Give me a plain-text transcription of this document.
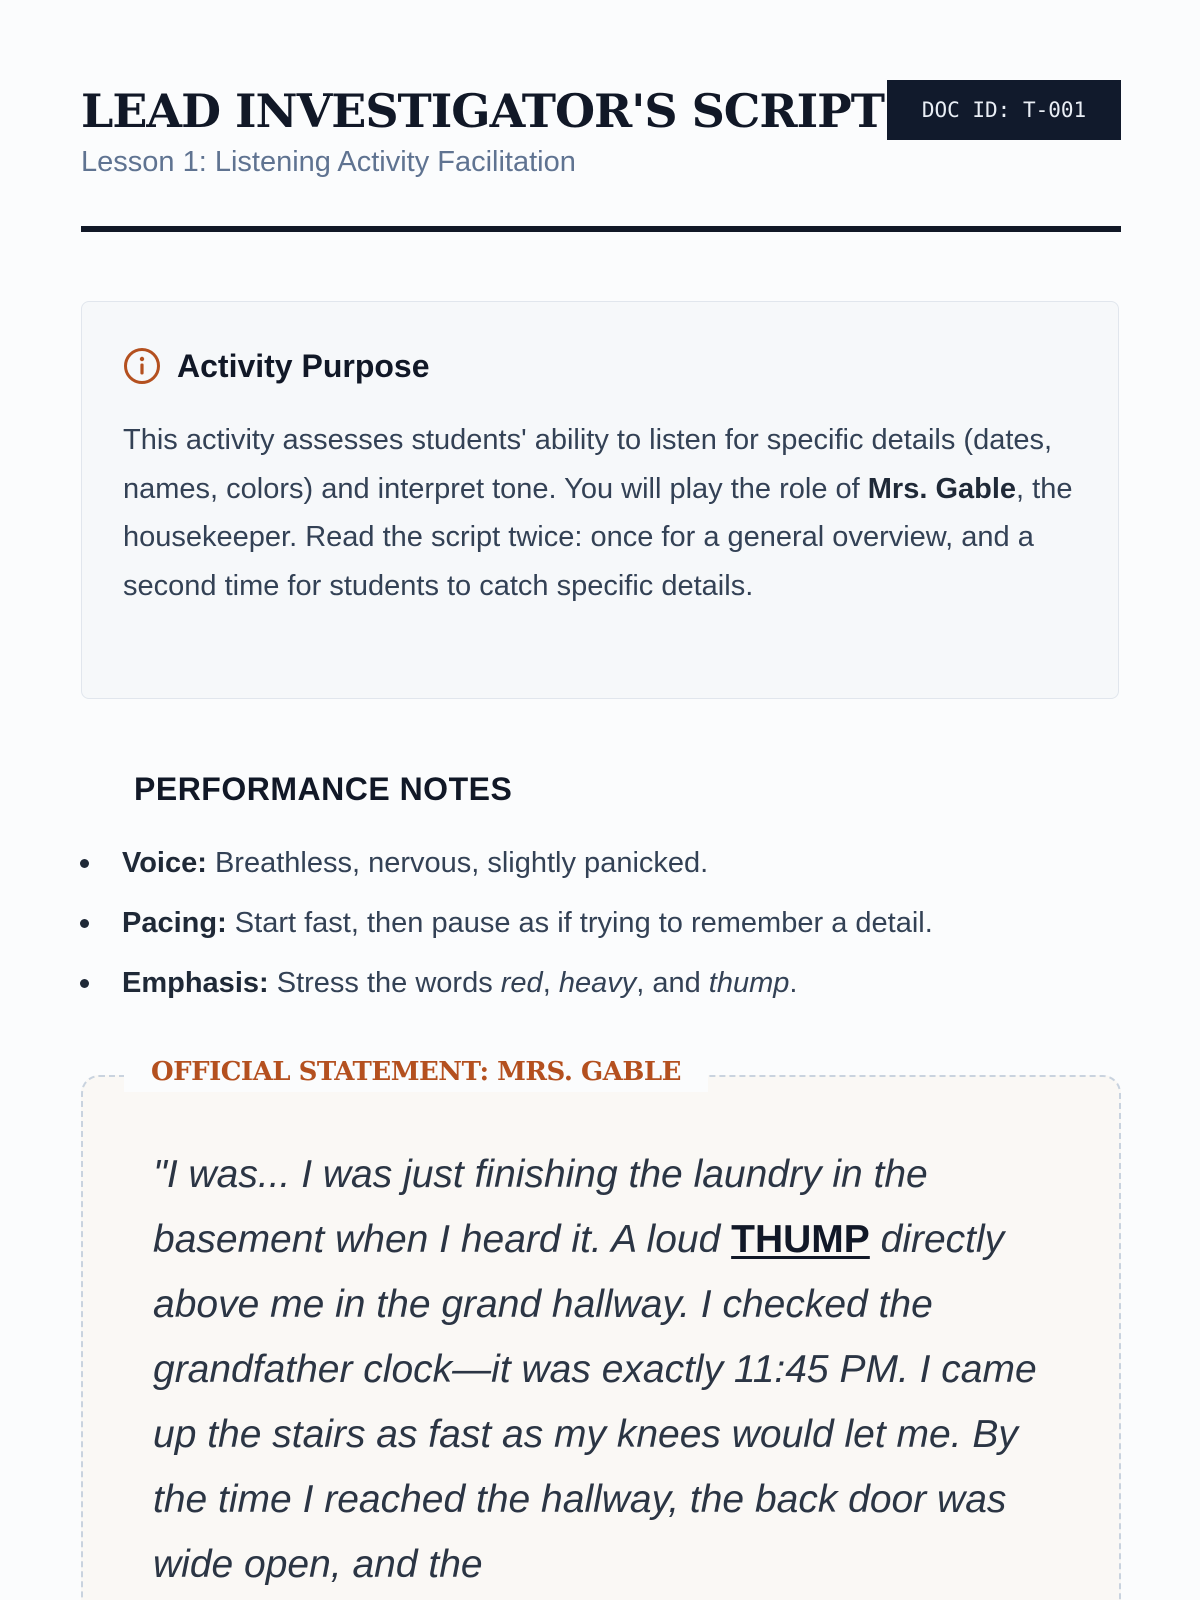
LEAD INVESTIGATOR'S SCRIPT
Lesson 1: Listening Activity Facilitation
DOC ID: T-001
Activity Purpose

This activity assesses students' ability to listen for specific details (dates, names, colors) and interpret tone. You will play the role of Mrs. Gable, the housekeeper. Read the script twice: once for a general overview, and a second time for students to catch specific details.

PERFORMANCE NOTES
Voice: Breathless, nervous, slightly panicked.
Pacing: Start fast, then pause as if trying to remember a detail.
Emphasis: Stress the words red, heavy, and thump.
OFFICIAL STATEMENT: MRS. GABLE

"I was... I was just finishing the laundry in the basement when I heard it. A loud THUMP directly above me in the grand hallway. I checked the grandfather clock—it was exactly 11:45 PM. I came up the stairs as fast as my knees would let me. By the time I reached the hallway, the back door was wide open, and the
